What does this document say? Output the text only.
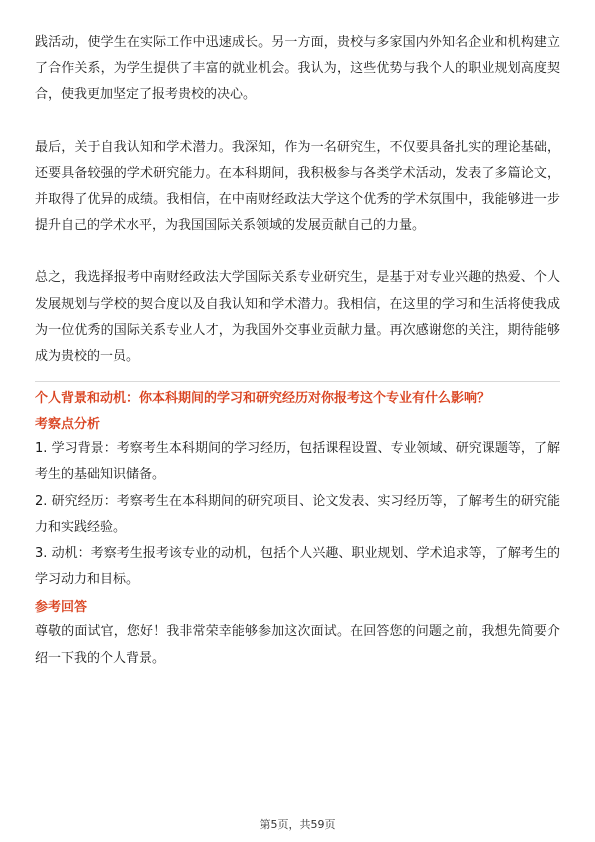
践活动，使学生在实际工作中迅速成长。另一方面，贵校与多家国内外知名企业和机构建立了合作关系，为学生提供了丰富的就业机会。我认为，这些优势与我个人的职业规划高度契合，使我更加坚定了报考贵校的决心。

最后，关于自我认知和学术潜力。我深知，作为一名研究生，不仅要具备扎实的理论基础，还要具备较强的学术研究能力。在本科期间，我积极参与各类学术活动，发表了多篇论文，并取得了优异的成绩。我相信，在中南财经政法大学这个优秀的学术氛围中，我能够进一步提升自己的学术水平，为我国国际关系领域的发展贡献自己的力量。

总之，我选择报考中南财经政法大学国际关系专业研究生，是基于对专业兴趣的热爱、个人发展规划与学校的契合度以及自我认知和学术潜力。我相信，在这里的学习和生活将使我成为一位优秀的国际关系专业人才，为我国外交事业贡献力量。再次感谢您的关注，期待能够成为贵校的一员。

个人背景和动机：你本科期间的学习和研究经历对你报考这个专业有什么影响？

考察点分析

1. 学习背景：考察考生本科期间的学习经历，包括课程设置、专业领域、研究课题等，了解考生的基础知识储备。
2. 研究经历：考察考生在本科期间的研究项目、论文发表、实习经历等，了解考生的研究能力和实践经验。
3. 动机：考察考生报考该专业的动机，包括个人兴趣、职业规划、学术追求等，了解考生的学习动力和目标。

参考回答

尊敬的面试官，您好！我非常荣幸能够参加这次面试。在回答您的问题之前，我想先简要介绍一下我的个人背景。

第5页，共59页
